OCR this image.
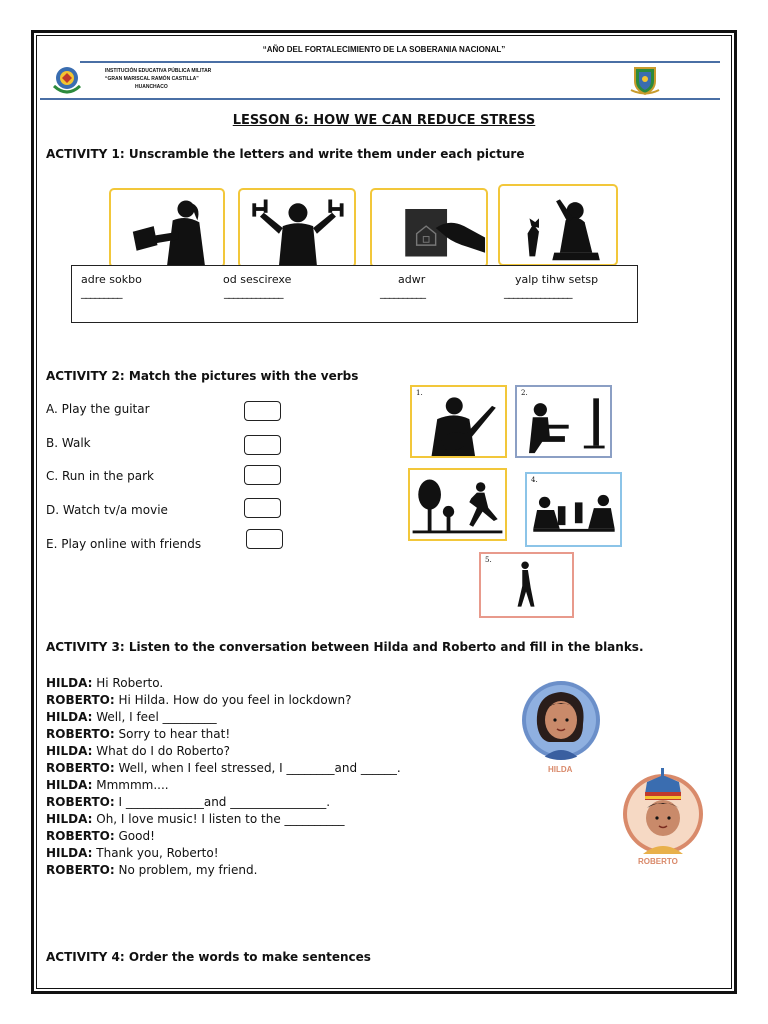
“AÑO DEL FORTALECIMIENTO DE LA SOBERANIA NACIONAL”
INSTITUCIÓN EDUCATIVA PÚBLICA MILITAR
“GRAN MARISCAL RAMÓN CASTILLA”
HUANCHACO
LESSON 6: HOW WE CAN REDUCE STRESS
ACTIVITY 1: Unscramble the letters and write them under each picture
adre sokbo
_________
od sescirexe
_____________
adwr
__________
yalp tihw setsp
_______________
ACTIVITY 2: Match the pictures with the verbs
A. Play the guitar
B. Walk
C. Run in the park
D. Watch tv/a movie
E. Play online with friends
1.	2.
4.
5.
ACTIVITY 3: Listen to the conversation between Hilda and Roberto and fill in the blanks.
HILDA: Hi Roberto.
ROBERTO: Hi Hilda. How do you feel in lockdown?
HILDA: Well, I feel _________
ROBERTO: Sorry to hear that!
HILDA: What do I do Roberto?
ROBERTO: Well, when I feel stressed, I ________and ______.
HILDA: Mmmmm....
ROBERTO: I _____________and ________________.
HILDA: Oh, I love music! I listen to the __________
ROBERTO: Good!
HILDA: Thank you, Roberto!
ROBERTO: No problem, my friend.
HILDA
ROBERTO
ACTIVITY 4: Order the words to make sentences
